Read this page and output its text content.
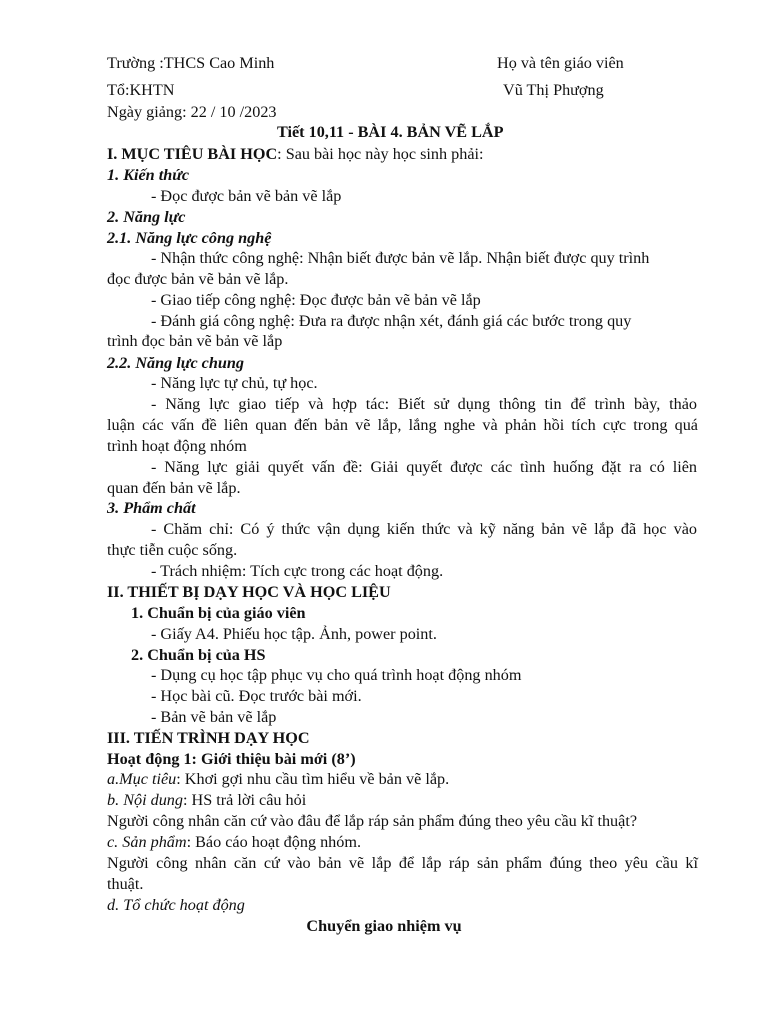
Trường :THCS Cao Minh	Họ và tên giáo viên
Tổ:KHTN	Vũ Thị Phượng
Ngày giảng: 22 / 10 /2023
Tiết 10,11 - BÀI 4. BẢN VẼ LẮP
I. MỤC TIÊU BÀI HỌC: Sau bài học này học sinh phải:
1. Kiến thức
- Đọc được bản vẽ bản vẽ lắp
2. Năng lực
2.1. Năng lực công nghệ
- Nhận thức công nghệ: Nhận biết được bản vẽ lắp. Nhận biết được quy trình
đọc được bản vẽ bản vẽ lắp.
- Giao tiếp công nghệ: Đọc được bản vẽ bản vẽ lắp
- Đánh giá công nghệ: Đưa ra được nhận xét, đánh giá các bước trong quy
trình đọc bản vẽ bản vẽ lắp
2.2. Năng lực chung
- Năng lực tự chủ, tự học.
- Năng lực giao tiếp và hợp tác: Biết sử dụng thông tin để trình bày, thảo
luận các vấn đề liên quan đến bản vẽ lắp, lắng nghe và phản hồi tích cực trong quá
trình hoạt động nhóm
- Năng lực giải quyết vấn đề: Giải quyết được các tình huống đặt ra có liên
quan đến bản vẽ lắp.
3. Phẩm chất
- Chăm chỉ: Có ý thức vận dụng kiến thức và kỹ năng bản vẽ lắp đã học vào
thực tiễn cuộc sống.
- Trách nhiệm: Tích cực trong các hoạt động.
II. THIẾT BỊ DẠY HỌC VÀ HỌC LIỆU
1. Chuẩn bị của giáo viên
- Giấy A4. Phiếu học tập. Ảnh, power point.
2. Chuẩn bị của HS
- Dụng cụ học tập phục vụ cho quá trình hoạt động nhóm
- Học bài cũ. Đọc trước bài mới.
- Bản vẽ bản vẽ lắp
III. TIẾN TRÌNH DẠY HỌC
Hoạt động 1: Giới thiệu bài mới (8’)
a.Mục tiêu: Khơi gợi nhu cầu tìm hiểu về bản vẽ lắp.
b. Nội dung: HS trả lời câu hỏi
Người công nhân căn cứ vào đâu để lắp ráp sản phẩm đúng theo yêu cầu kĩ thuật?
c. Sản phẩm: Báo cáo hoạt động nhóm.
Người công nhân căn cứ vào bản vẽ lắp để lắp ráp sản phẩm đúng theo yêu cầu kĩ
thuật.
d. Tổ chức hoạt động
Chuyển giao nhiệm vụ
